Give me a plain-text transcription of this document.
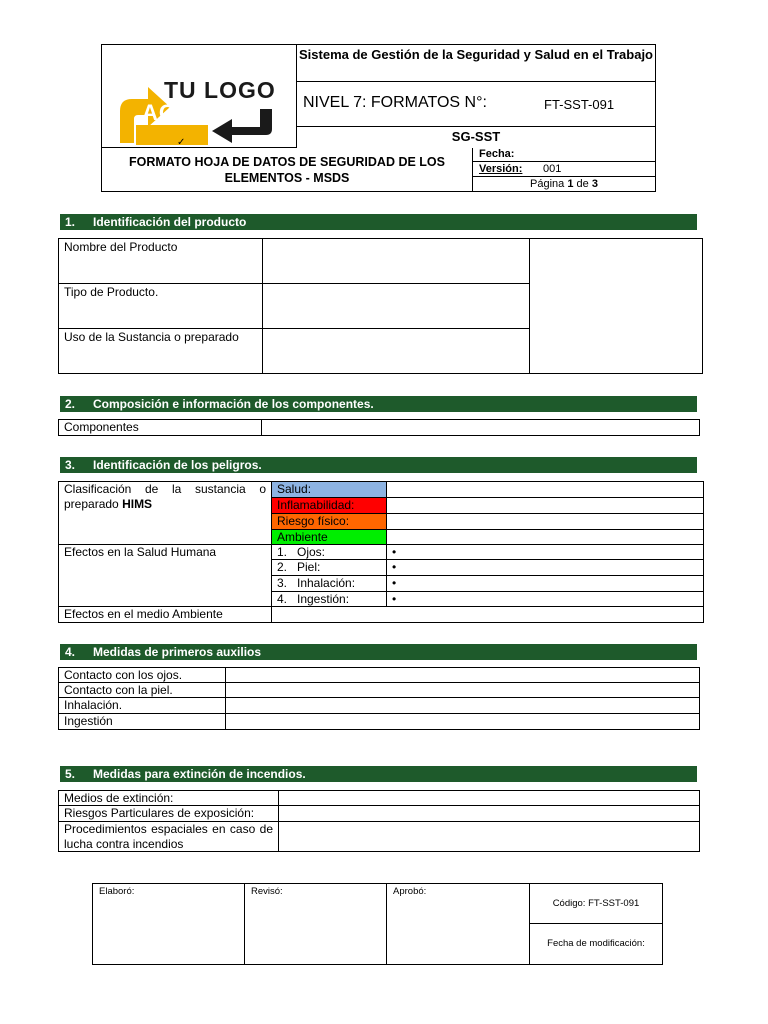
TU LOGO
AQUI
✓
Sistema de Gestión de la Seguridad y Salud en el Trabajo
NIVEL 7: FORMATOS N°:	FT-SST-091
SG-SST
FORMATO HOJA DE DATOS DE SEGURIDAD DE LOS ELEMENTOS - MSDS
Fecha:
Versión: 001
Página 1 de 3
1. Identificación del producto
Nombre del Producto
Tipo de Producto.
Uso de la Sustancia o preparado
2. Composición e información de los componentes.
Componentes
3. Identificación de los peligros.
Clasificación de la sustancia o preparado HIMS
Salud:
Inflamabilidad:
Riesgo físico:
Ambiente
Efectos en la Salud Humana	1. Ojos:	•
2. Piel:	•
3. Inhalación:	•
4. Ingestión:	•
Efectos en el medio Ambiente
4. Medidas de primeros auxilios
Contacto con los ojos.
Contacto con la piel.
Inhalación.
Ingestión
5. Medidas para extinción de incendios.
Medios de extinción:
Riesgos Particulares de exposición:
Procedimientos espaciales en caso de lucha contra incendios
Elaboró:	Revisó:	Aprobó:
Código: FT-SST-091
Fecha de modificación:
